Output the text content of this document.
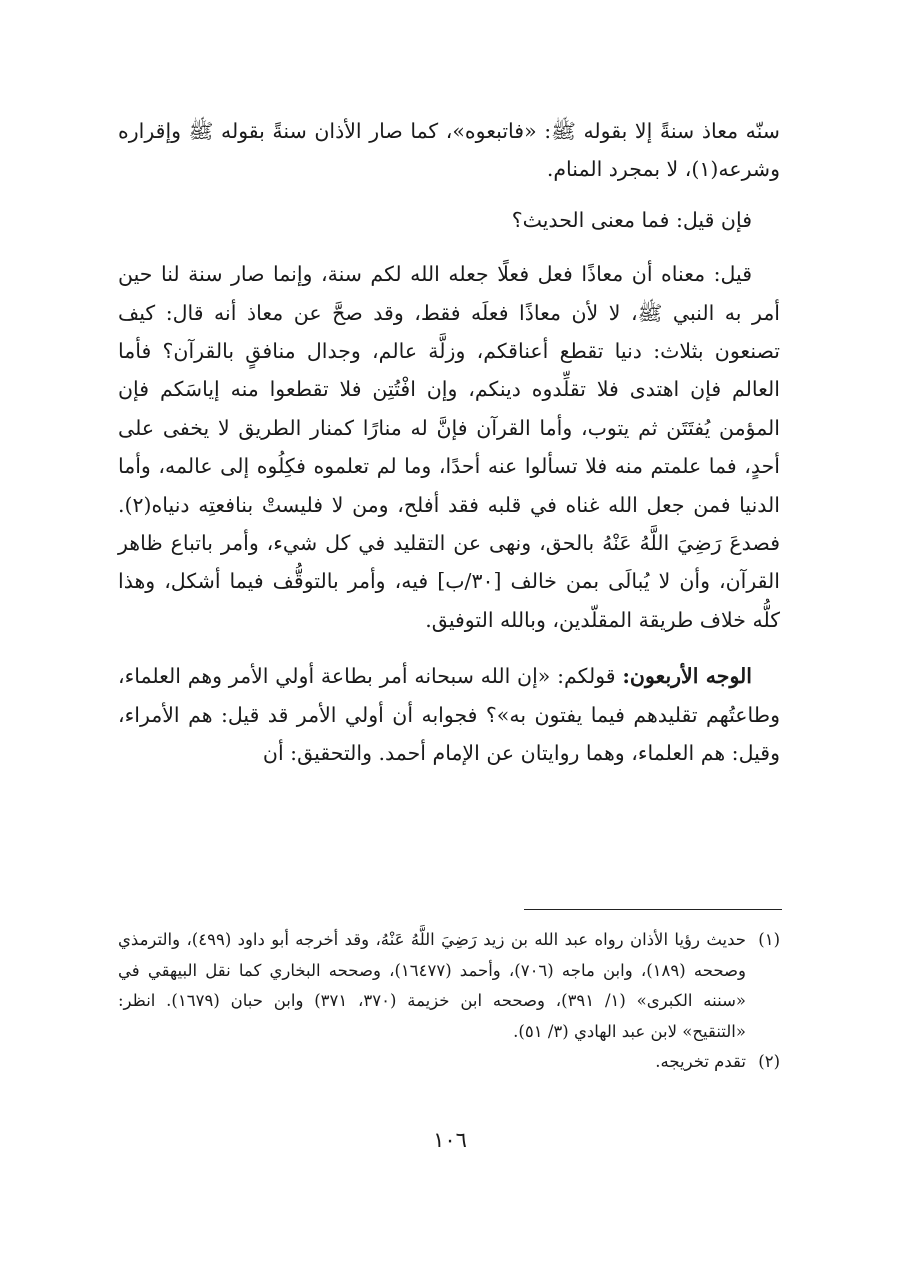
سنّه معاذ سنةً إلا بقوله ﷺ: «فاتبعوه»، كما صار الأذان سنةً بقوله ﷺ وإقراره وشرعه(١)، لا بمجرد المنام.

فإن قيل: فما معنى الحديث؟

قيل: معناه أن معاذًا فعل فعلًا جعله الله لكم سنة، وإنما صار سنة لنا حين أمر به النبي ﷺ، لا لأن معاذًا فعلَه فقط، وقد صحَّ عن معاذ أنه قال: كيف تصنعون بثلاث: دنيا تقطع أعناقكم، وزلَّة عالم، وجدال منافقٍ بالقرآن؟ فأما العالم فإن اهتدى فلا تقلِّدوه دينكم، وإن افْتُتِن فلا تقطعوا منه إياسَكم فإن المؤمن يُفتَتَن ثم يتوب، وأما القرآن فإنَّ له منارًا كمنار الطريق لا يخفى على أحدٍ، فما علمتم منه فلا تسألوا عنه أحدًا، وما لم تعلموه فكِلُوه إلى عالمه، وأما الدنيا فمن جعل الله غناه في قلبه فقد أفلح، ومن لا فليستْ بنافعتِه دنياه(٢). فصدعَ رَضِيَ اللَّهُ عَنْهُ بالحق، ونهى عن التقليد في كل شيء، وأمر باتباع ظاهر القرآن، وأن لا يُبالَى بمن خالف [٣٠/ب] فيه، وأمر بالتوقُّف فيما أشكل، وهذا كلُّه خلاف طريقة المقلّدين، وبالله التوفيق.

الوجه الأربعون: قولكم: «إن الله سبحانه أمر بطاعة أولي الأمر وهم العلماء، وطاعتُهم تقليدهم فيما يفتون به»؟ فجوابه أن أولي الأمر قد قيل: هم الأمراء، وقيل: هم العلماء، وهما روايتان عن الإمام أحمد. والتحقيق: أن

(١)
حديث رؤيا الأذان رواه عبد الله بن زيد رَضِيَ اللَّهُ عَنْهُ، وقد أخرجه أبو داود (٤٩٩)، والترمذي وصححه (١٨٩)، وابن ماجه (٧٠٦)، وأحمد (١٦٤٧٧)، وصححه البخاري كما نقل البيهقي في «سننه الكبرى» (١/ ٣٩١)، وصححه ابن خزيمة (٣٧٠، ٣٧١) وابن حبان (١٦٧٩). انظر: «التنقيح» لابن عبد الهادي (٣/ ٥١).
(٢)
تقدم تخريجه.
١٠٦
